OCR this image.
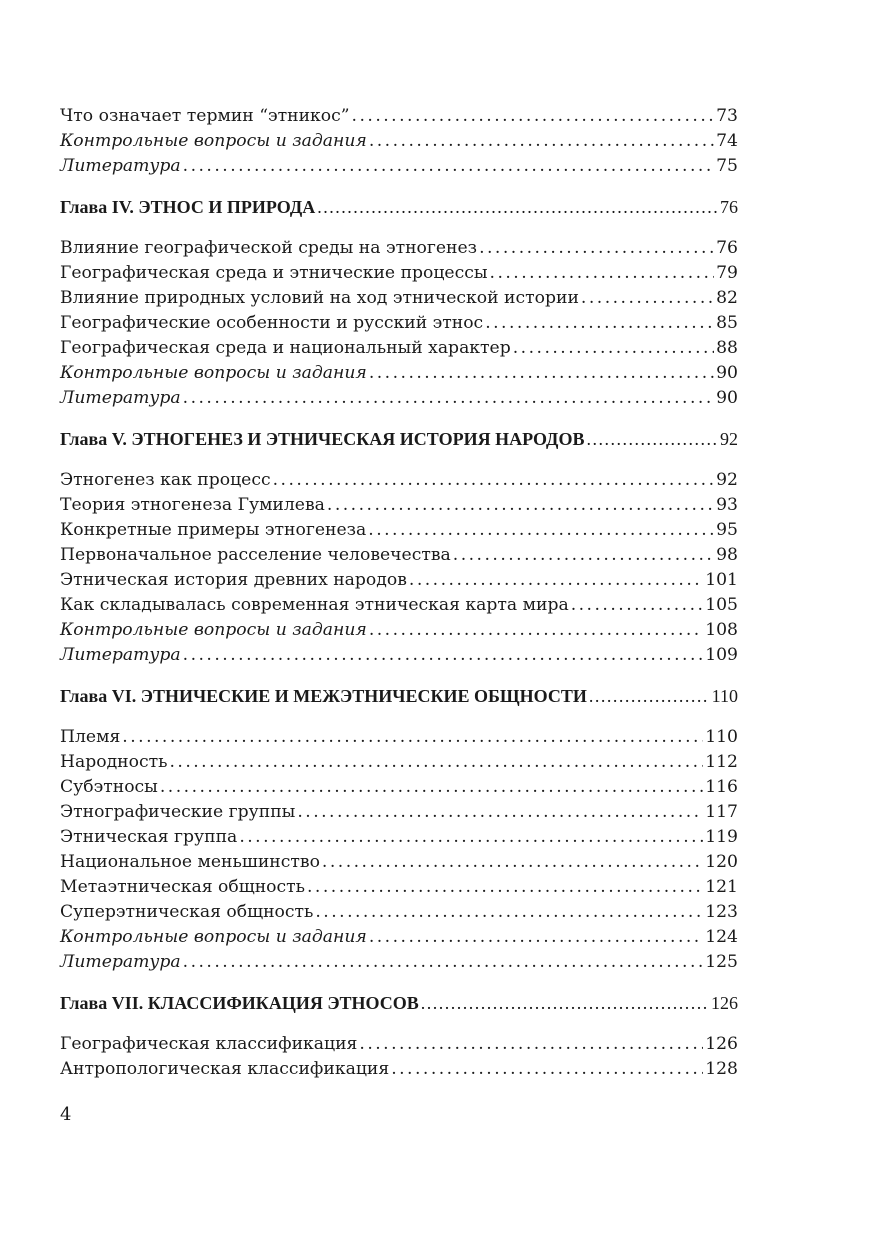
Что означает термин “этникос” . . .	73
Контрольные вопросы и задания . . .	74
Литература . . .	75
Глава IV. ЭТНОС И ПРИРОДА . . .	76
Влияние географической среды на этногенез . . .	76
Географическая среда и этнические процессы . . .	79
Влияние природных условий на ход этнической истории . . .	82
Географические особенности и русский этнос . . .	85
Географическая среда и национальный характер . . .	88
Контрольные вопросы и задания . . .	90
Литература . . .	90
Глава V. ЭТНОГЕНЕЗ И ЭТНИЧЕСКАЯ ИСТОРИЯ НАРОДОВ . . .	92
Этногенез как процесс . . .	92
Теория этногенеза Гумилева . . .	93
Конкретные примеры этногенеза . . .	95
Первоначальное расселение человечества . . .	98
Этническая история древних народов . . .	101
Как складывалась современная этническая карта мира . . .	105
Контрольные вопросы и задания . . .	108
Литература . . .	109
Глава VI. ЭТНИЧЕСКИЕ И МЕЖЭТНИЧЕСКИЕ ОБЩНОСТИ . . .	110
Племя . . .	110
Народность . . .	112
Субэтносы . . .	116
Этнографические группы . . .	117
Этническая группа . . .	119
Национальное меньшинство . . .	120
Метаэтническая общность . . .	121
Суперэтническая общность . . .	123
Контрольные вопросы и задания . . .	124
Литература . . .	125
Глава VII. КЛАССИФИКАЦИЯ ЭТНОСОВ . . .	126
Географическая классификация . . .	126
Антропологическая классификация . . .	128
4
